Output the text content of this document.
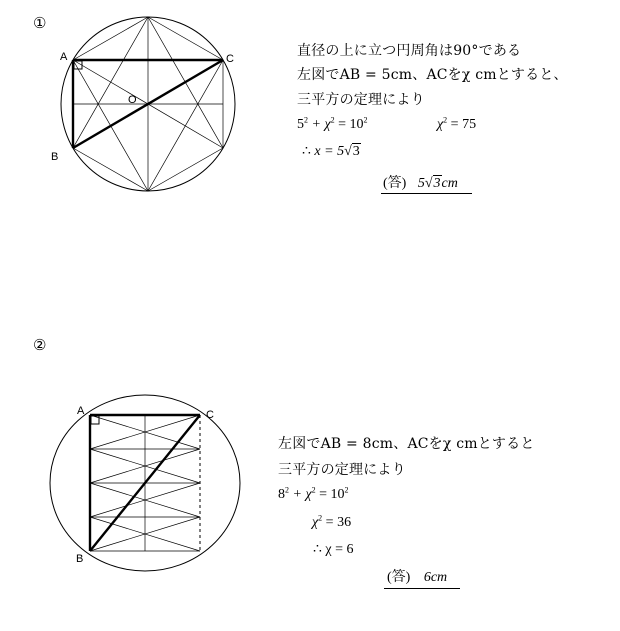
①
A
B
C
O
直径の上に立つ円周角は90°である
左図でAB = 5cm、ACをχ cmとすると、
三平方の定理により
$5^2 + \chi^2 = 10^2$	$\chi^2 = 75$
∴ x = 5√3
(答) 5√3cm
②
A
B
C
左図でAB = 8cm、ACをχ cmとすると
三平方の定理により
$8^2 + \chi^2 = 10^2$
$\chi^2 = 36$
∴ χ = 6
(答) 6cm
